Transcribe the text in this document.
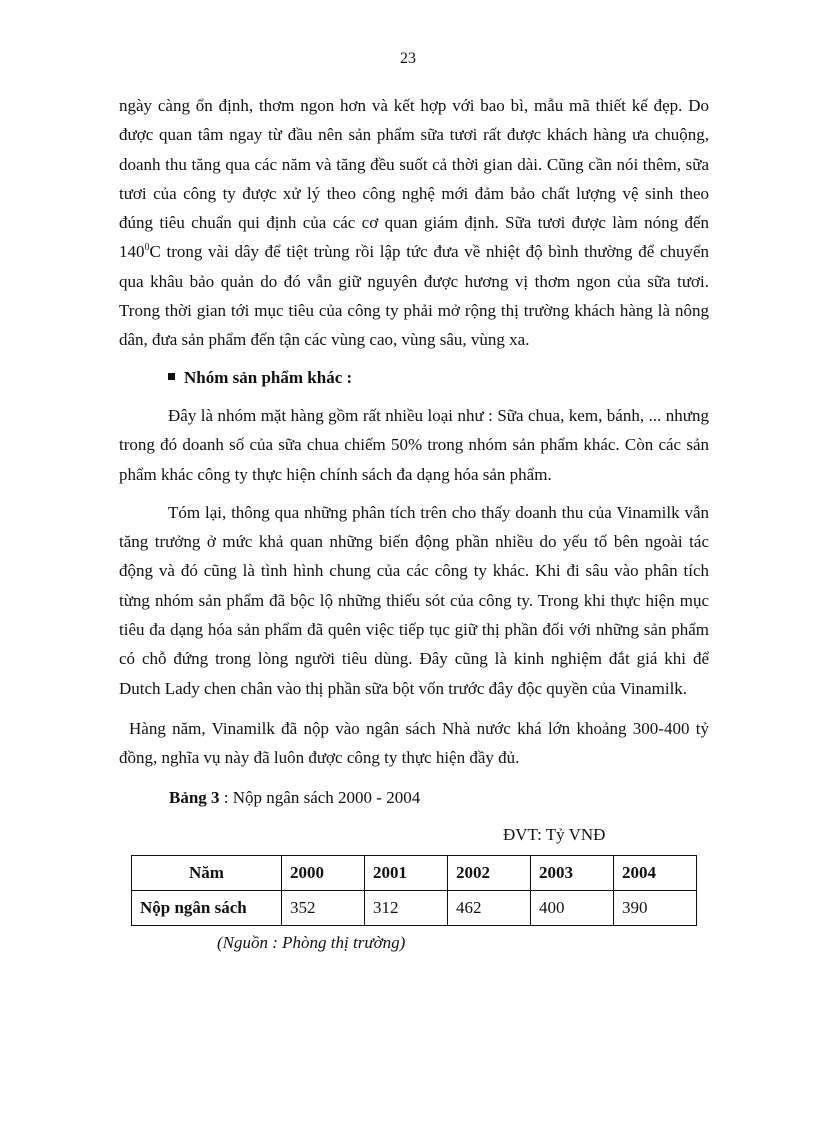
23

ngày càng ổn định, thơm ngon hơn và kết hợp với bao bì, mẫu mã thiết kế đẹp. Do được quan tâm ngay từ đầu nên sản phẩm sữa tươi rất được khách hàng ưa chuộng, doanh thu tăng qua các năm và tăng đều suốt cả thời gian dài. Cũng cần nói thêm, sữa tươi của công ty được xử lý theo công nghệ mới đảm bảo chất lượng vệ sinh theo đúng tiêu chuẩn qui định của các cơ quan giám định. Sữa tươi được làm nóng đến $140^0C$ trong vài dây để tiệt trùng rồi lập tức đưa về nhiệt độ bình thường để chuyển qua khâu bảo quản do đó vẫn giữ nguyên được hương vị thơm ngon của sữa tươi. Trong thời gian tới mục tiêu của công ty phải mở rộng thị trường khách hàng là nông dân, đưa sản phẩm đến tận các vùng cao, vùng sâu, vùng xa.

Nhóm sản phẩm khác :

Đây là nhóm mặt hàng gồm rất nhiều loại như : Sữa chua, kem, bánh, ... nhưng trong đó doanh số của sữa chua chiếm 50% trong nhóm sản phẩm khác. Còn các sản phẩm khác công ty thực hiện chính sách đa dạng hóa sản phẩm.

Tóm lại, thông qua những phân tích trên cho thấy doanh thu của Vinamilk vẫn tăng trưởng ở mức khả quan những biến động phần nhiều do yếu tố bên ngoài tác động và đó cũng là tình hình chung của các công ty khác. Khi đi sâu vào phân tích từng nhóm sản phẩm đã bộc lộ những thiếu sót của công ty. Trong khi thực hiện mục tiêu đa dạng hóa sản phẩm đã quên việc tiếp tục giữ thị phần đối với những sản phẩm có chỗ đứng trong lòng người tiêu dùng. Đây cũng là kinh nghiệm đắt giá khi để Dutch Lady chen chân vào thị phần sữa bột vốn trước đây độc quyền của Vinamilk.

Hàng năm, Vinamilk đã nộp vào ngân sách Nhà nước khá lớn khoảng 300-400 tỷ đồng, nghĩa vụ này đã luôn được công ty thực hiện đầy đủ.

Bảng 3 : Nộp ngân sách 2000 - 2004

ĐVT: Tỷ VNĐ

Năm	2000	2001	2002	2003	2004
Nộp ngân sách	352	312	462	400	390
(Nguồn : Phòng thị trường)
